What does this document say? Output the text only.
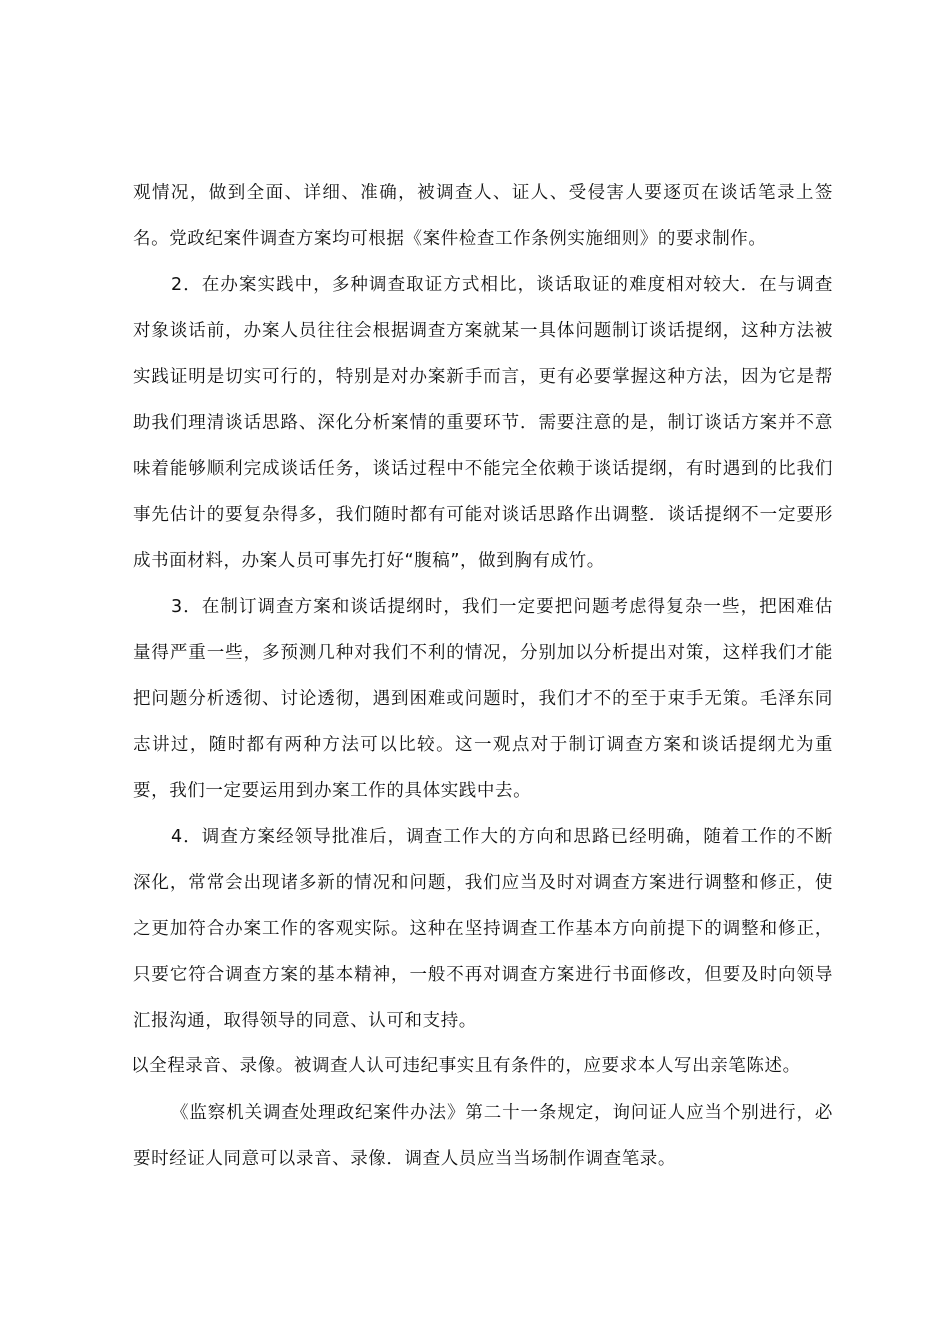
观情况，做到全面、详细、准确，被调查人、证人、受侵害人要逐页在谈话笔录上签名。党政纪案件调查方案均可根据《案件检查工作条例实施细则》的要求制作。

2．在办案实践中，多种调查取证方式相比，谈话取证的难度相对较大．在与调查对象谈话前，办案人员往往会根据调查方案就某一具体问题制订谈话提纲，这种方法被实践证明是切实可行的，特别是对办案新手而言，更有必要掌握这种方法，因为它是帮助我们理清谈话思路、深化分析案情的重要环节．需要注意的是，制订谈话方案并不意味着能够顺利完成谈话任务，谈话过程中不能完全依赖于谈话提纲，有时遇到的比我们事先估计的要复杂得多，我们随时都有可能对谈话思路作出调整．谈话提纲不一定要形成书面材料，办案人员可事先打好“腹稿”，做到胸有成竹。

3．在制订调查方案和谈话提纲时，我们一定要把问题考虑得复杂一些，把困难估量得严重一些，多预测几种对我们不利的情况，分别加以分析提出对策，这样我们才能把问题分析透彻、讨论透彻，遇到困难或问题时，我们才不的至于束手无策。毛泽东同志讲过，随时都有两种方法可以比较。这一观点对于制订调查方案和谈话提纲尤为重要，我们一定要运用到办案工作的具体实践中去。

4．调查方案经领导批准后，调查工作大的方向和思路已经明确，随着工作的不断深化，常常会出现诸多新的情况和问题，我们应当及时对调查方案进行调整和修正，使之更加符合办案工作的客观实际。这种在坚持调查工作基本方向前提下的调整和修正，只要它符合调查方案的基本精神，一般不再对调查方案进行书面修改，但要及时向领导汇报沟通，取得领导的同意、认可和支持。

以全程录音、录像。被调查人认可违纪事实且有条件的，应要求本人写出亲笔陈述。

《监察机关调查处理政纪案件办法》第二十一条规定，询问证人应当个别进行，必要时经证人同意可以录音、录像．调查人员应当当场制作调查笔录。
